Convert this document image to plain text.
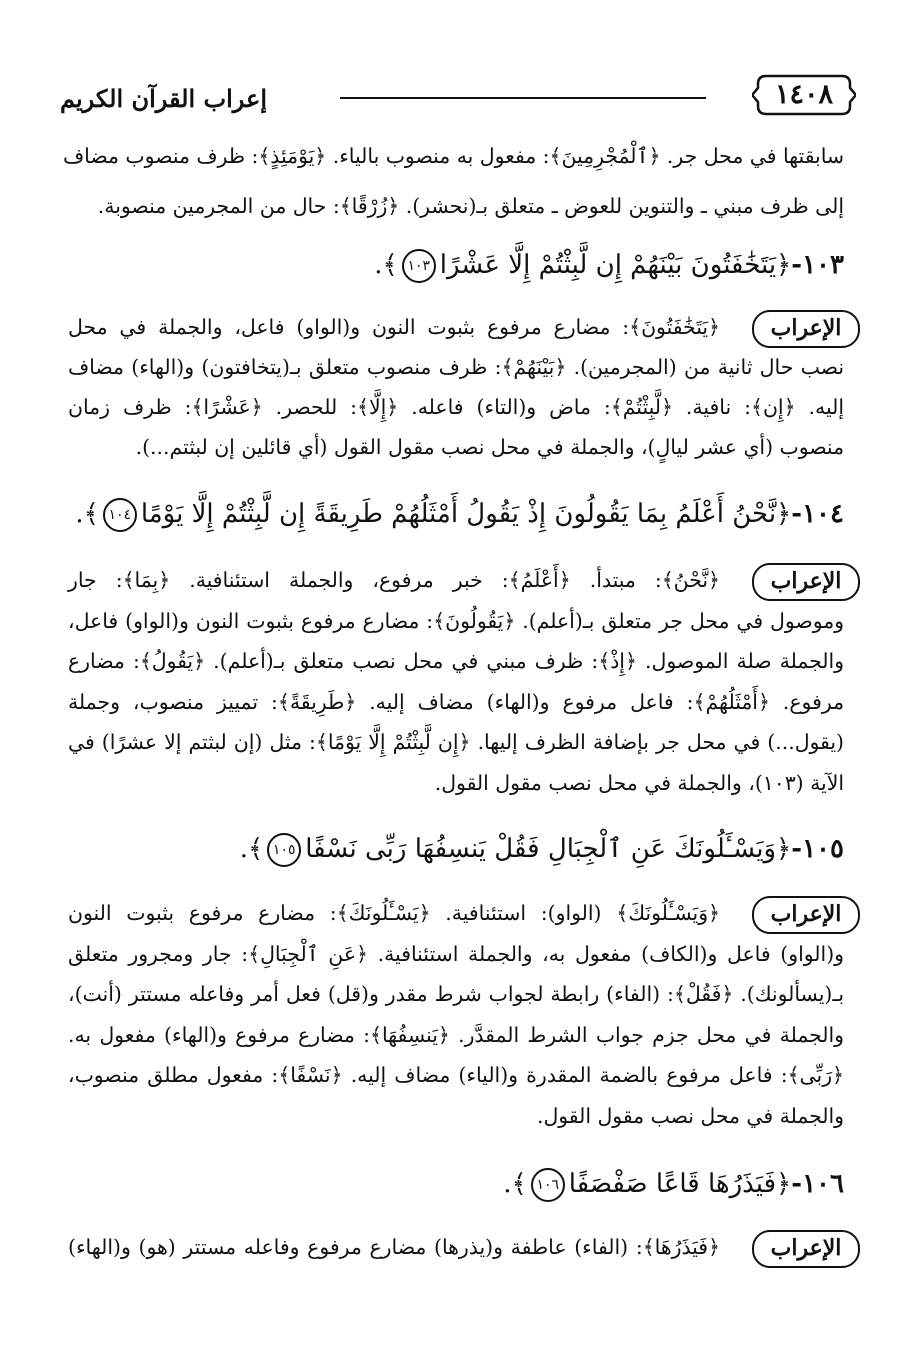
١٤٠٨
إعراب القرآن الكريم
سابقتها في محل جر. ﴿ٱلْمُجْرِمِينَ﴾: مفعول به منصوب بالياء. ﴿يَوْمَئِذٍ﴾: ظرف منصوب مضاف
إلى ظرف مبني ـ والتنوين للعوض ـ متعلق بـ(نحشر). ﴿زُرْقًا﴾: حال من المجرمين منصوبة.
١٠٣-﴿يَتَخَٰفَتُونَ بَيْنَهُمْ إِن لَّبِثْتُمْ إِلَّا عَشْرًا١٠٣﴾.
الإعراب
﴿يَتَخَٰفَتُونَ﴾: مضارع مرفوع بثبوت النون و(الواو) فاعل، والجملة في محل
نصب حال ثانية من (المجرمين). ﴿بَيْنَهُمْ﴾: ظرف منصوب متعلق بـ(يتخافتون) و(الهاء) مضاف
إليه. ﴿إِن﴾: نافية. ﴿لَّبِثْتُمْ﴾: ماض و(التاء) فاعله. ﴿إِلَّا﴾: للحصر. ﴿عَشْرًا﴾: ظرف زمان
منصوب (أي عشر ليالٍ)، والجملة في محل نصب مقول القول (أي قائلين إن لبثتم...).
١٠٤-﴿نَّحْنُ أَعْلَمُ بِمَا يَقُولُونَ إِذْ يَقُولُ أَمْثَلُهُمْ طَرِيقَةً إِن لَّبِثْتُمْ إِلَّا يَوْمًا١٠٤﴾.
الإعراب
﴿نَّحْنُ﴾: مبتدأ. ﴿أَعْلَمُ﴾: خبر مرفوع، والجملة استئنافية. ﴿بِمَا﴾: جار
وموصول في محل جر متعلق بـ(أعلم). ﴿يَقُولُونَ﴾: مضارع مرفوع بثبوت النون و(الواو) فاعل،
والجملة صلة الموصول. ﴿إِذْ﴾: ظرف مبني في محل نصب متعلق بـ(أعلم). ﴿يَقُولُ﴾: مضارع
مرفوع. ﴿أَمْثَلُهُمْ﴾: فاعل مرفوع و(الهاء) مضاف إليه. ﴿طَرِيقَةً﴾: تمييز منصوب، وجملة
(يقول...) في محل جر بإضافة الظرف إليها. ﴿إِن لَّبِثْتُمْ إِلَّا يَوْمًا﴾: مثل (إن لبثتم إلا عشرًا) في
الآية (١٠٣)، والجملة في محل نصب مقول القول.
١٠٥-﴿وَيَسْـَٔلُونَكَ عَنِ ٱلْجِبَالِ فَقُلْ يَنسِفُهَا رَبِّى نَسْفًا١٠٥﴾.
الإعراب
﴿وَيَسْـَٔلُونَكَ﴾ (الواو): استئنافية. ﴿يَسْـَٔلُونَكَ﴾: مضارع مرفوع بثبوت النون
و(الواو) فاعل و(الكاف) مفعول به، والجملة استئنافية. ﴿عَنِ ٱلْجِبَالِ﴾: جار ومجرور متعلق
بـ(يسألونك). ﴿فَقُلْ﴾: (الفاء) رابطة لجواب شرط مقدر و(قل) فعل أمر وفاعله مستتر (أنت)،
والجملة في محل جزم جواب الشرط المقدَّر. ﴿يَنسِفُهَا﴾: مضارع مرفوع و(الهاء) مفعول به.
﴿رَبِّى﴾: فاعل مرفوع بالضمة المقدرة و(الياء) مضاف إليه. ﴿نَسْفًا﴾: مفعول مطلق منصوب،
والجملة في محل نصب مقول القول.
١٠٦-﴿فَيَذَرُهَا قَاعًا صَفْصَفًا١٠٦﴾.
الإعراب
﴿فَيَذَرُهَا﴾: (الفاء) عاطفة و(يذرها) مضارع مرفوع وفاعله مستتر (هو) و(الهاء)
